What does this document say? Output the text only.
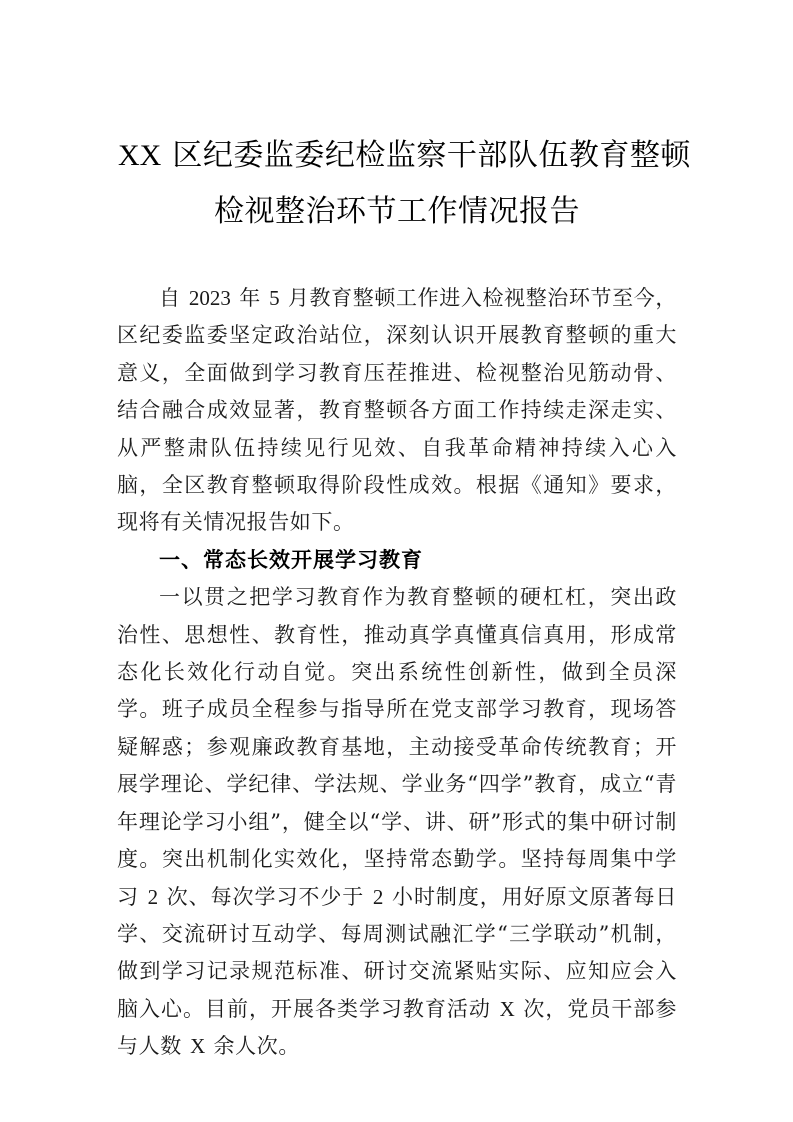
XX 区纪委监委纪检监察干部队伍教育整顿
检视整治环节工作情况报告

自 2023 年 5 月教育整顿工作进入检视整治环节至今，区纪委监委坚定政治站位，深刻认识开展教育整顿的重大意义，全面做到学习教育压茬推进、检视整治见筋动骨、结合融合成效显著，教育整顿各方面工作持续走深走实、从严整肃队伍持续见行见效、自我革命精神持续入心入脑，全区教育整顿取得阶段性成效。根据《通知》要求，现将有关情况报告如下。

一、常态长效开展学习教育

一以贯之把学习教育作为教育整顿的硬杠杠，突出政治性、思想性、教育性，推动真学真懂真信真用，形成常态化长效化行动自觉。突出系统性创新性，做到全员深学。班子成员全程参与指导所在党支部学习教育，现场答疑解惑；参观廉政教育基地，主动接受革命传统教育；开展学理论、学纪律、学法规、学业务“四学”教育，成立“青年理论学习小组”，健全以“学、讲、研”形式的集中研讨制度。突出机制化实效化，坚持常态勤学。坚持每周集中学习 2 次、每次学习不少于 2 小时制度，用好原文原著每日学、交流研讨互动学、每周测试融汇学“三学联动”机制，做到学习记录规范标准、研讨交流紧贴实际、应知应会入脑入心。目前，开展各类学习教育活动 X 次，党员干部参与人数 X 余人次。
